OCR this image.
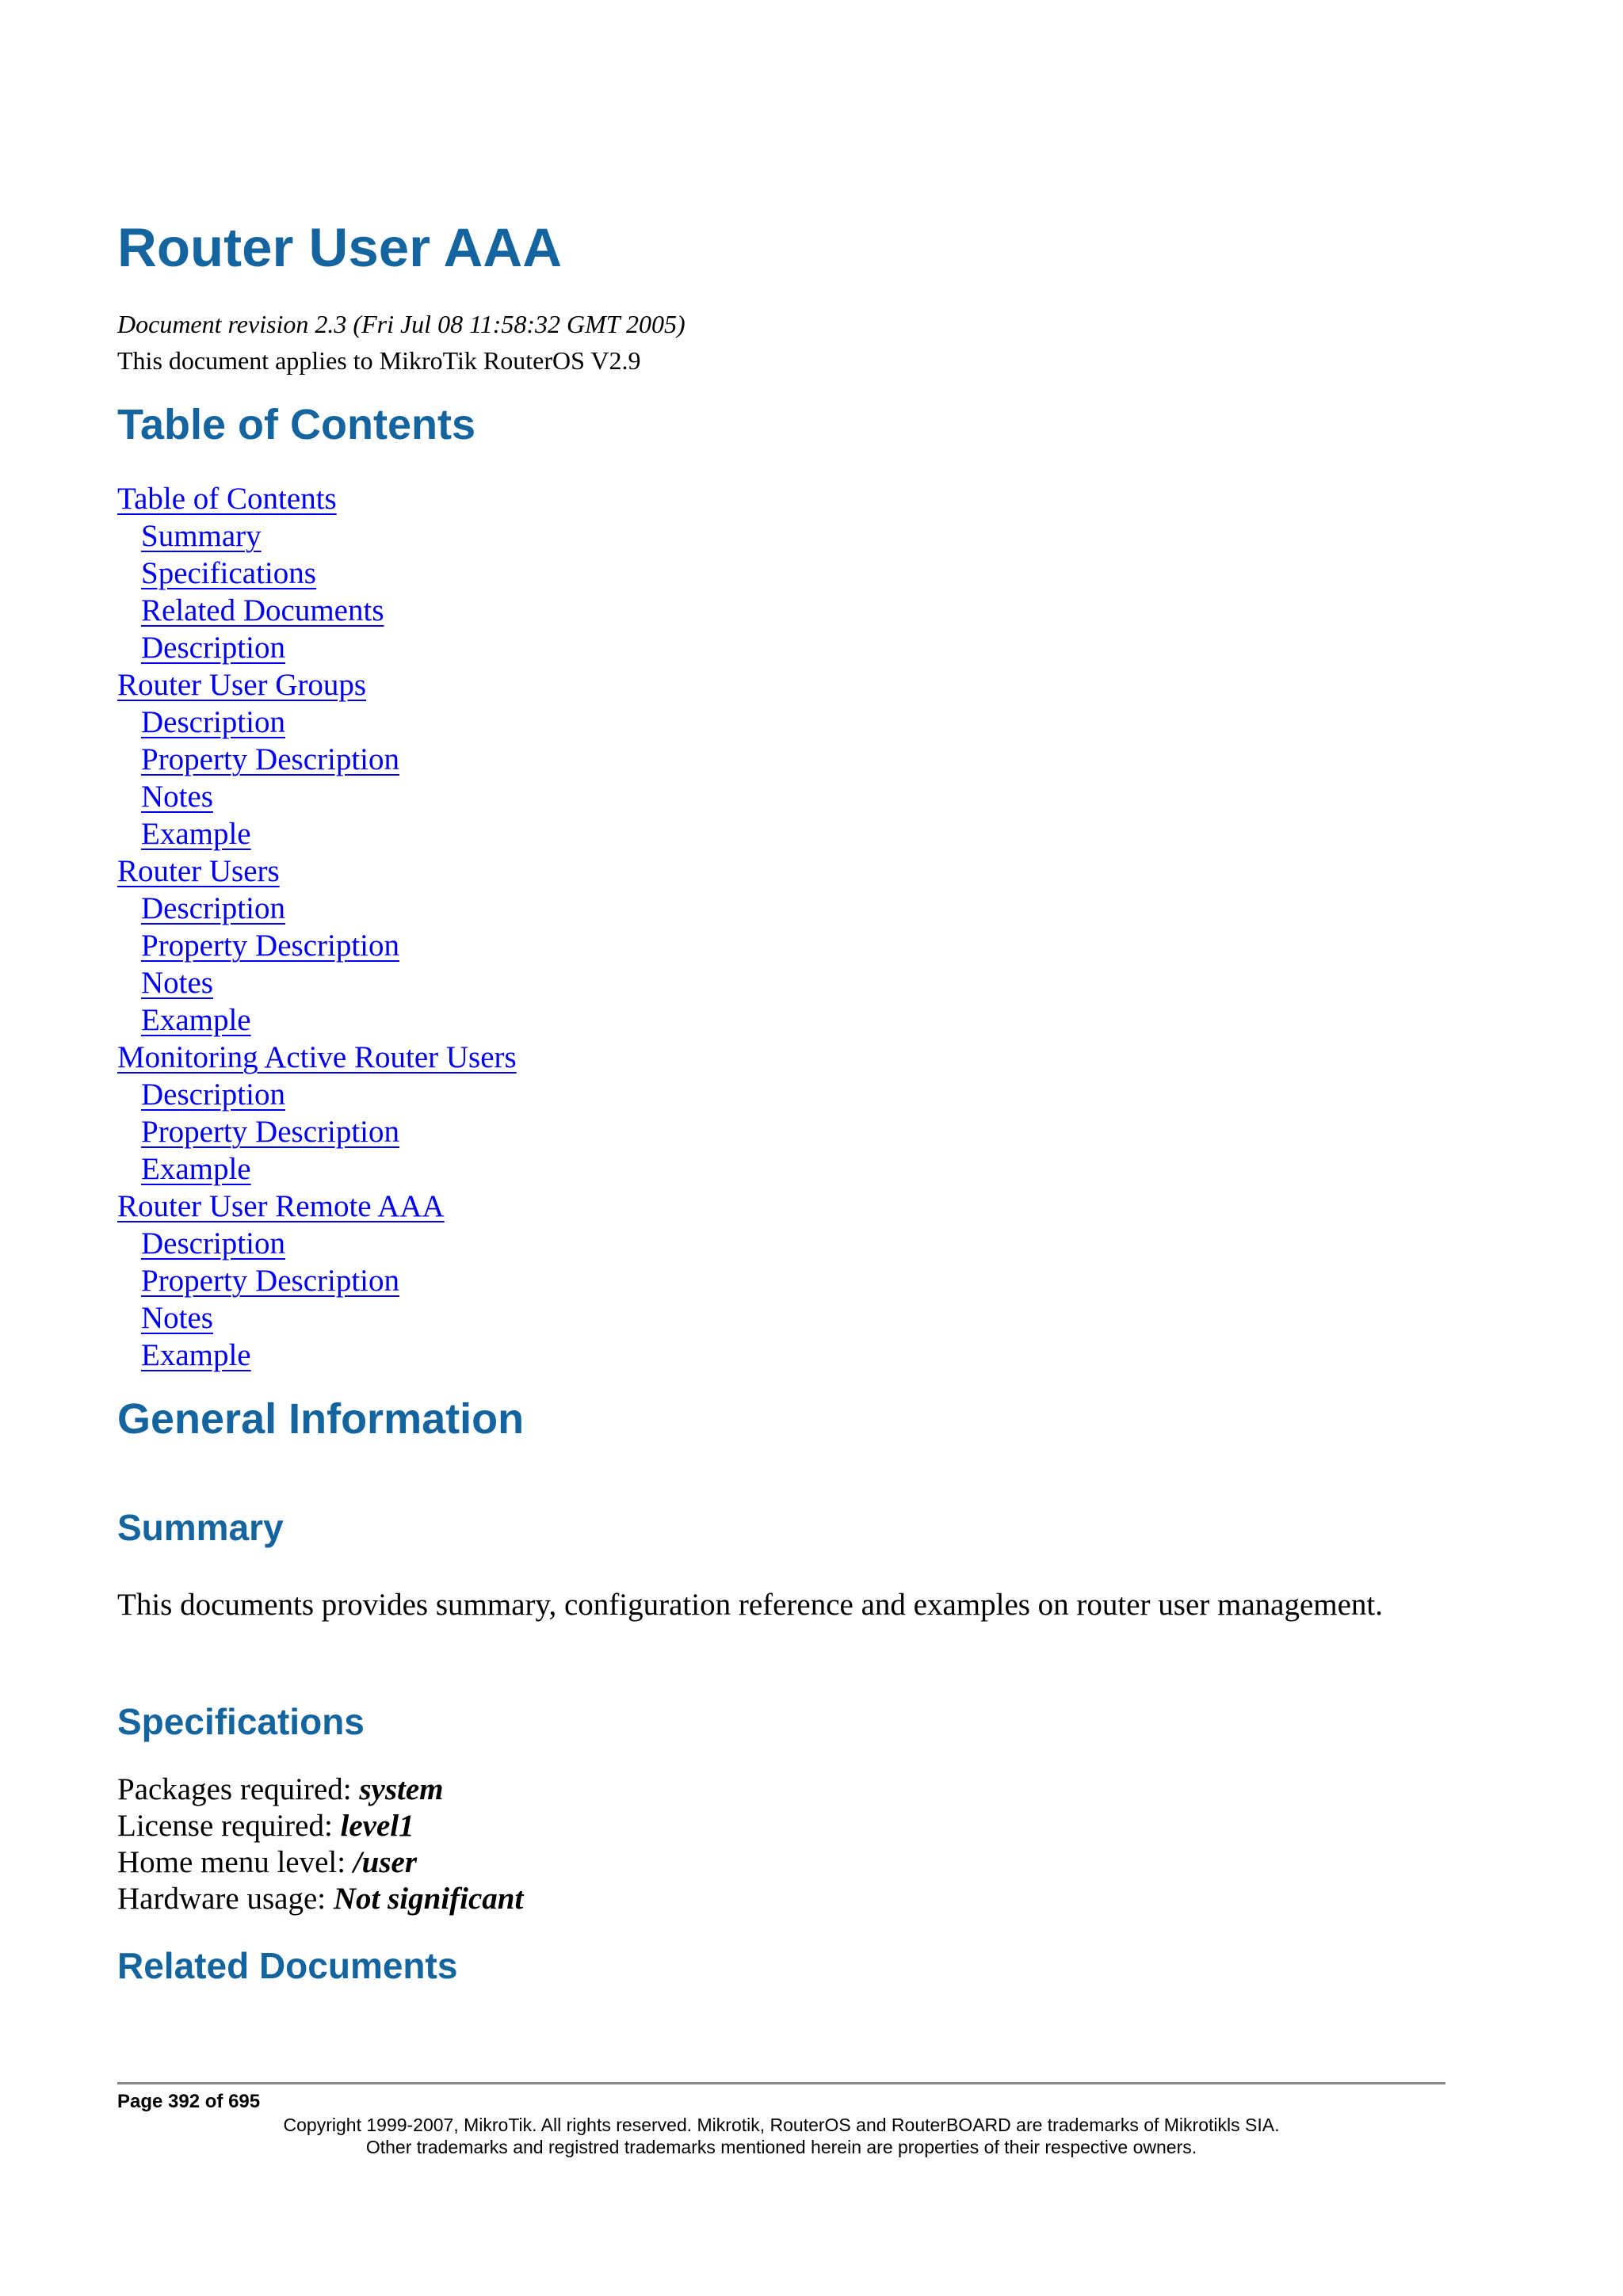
Router User AAA
Document revision 2.3 (Fri Jul 08 11:58:32 GMT 2005)
This document applies to MikroTik RouterOS V2.9
Table of Contents
Table of Contents
Summary
Specifications
Related Documents
Description
Router User Groups
Description
Property Description
Notes
Example
Router Users
Description
Property Description
Notes
Example
Monitoring Active Router Users
Description
Property Description
Example
Router User Remote AAA
Description
Property Description
Notes
Example
General Information
Summary

This documents provides summary, configuration reference and examples on router user management.

Specifications
Packages required: system
License required: level1
Home menu level: /user
Hardware usage: Not significant
Related Documents
Page 392 of 695
Copyright 1999-2007, MikroTik. All rights reserved. Mikrotik, RouterOS and RouterBOARD are trademarks of Mikrotikls SIA.
Other trademarks and registred trademarks mentioned herein are properties of their respective owners.
